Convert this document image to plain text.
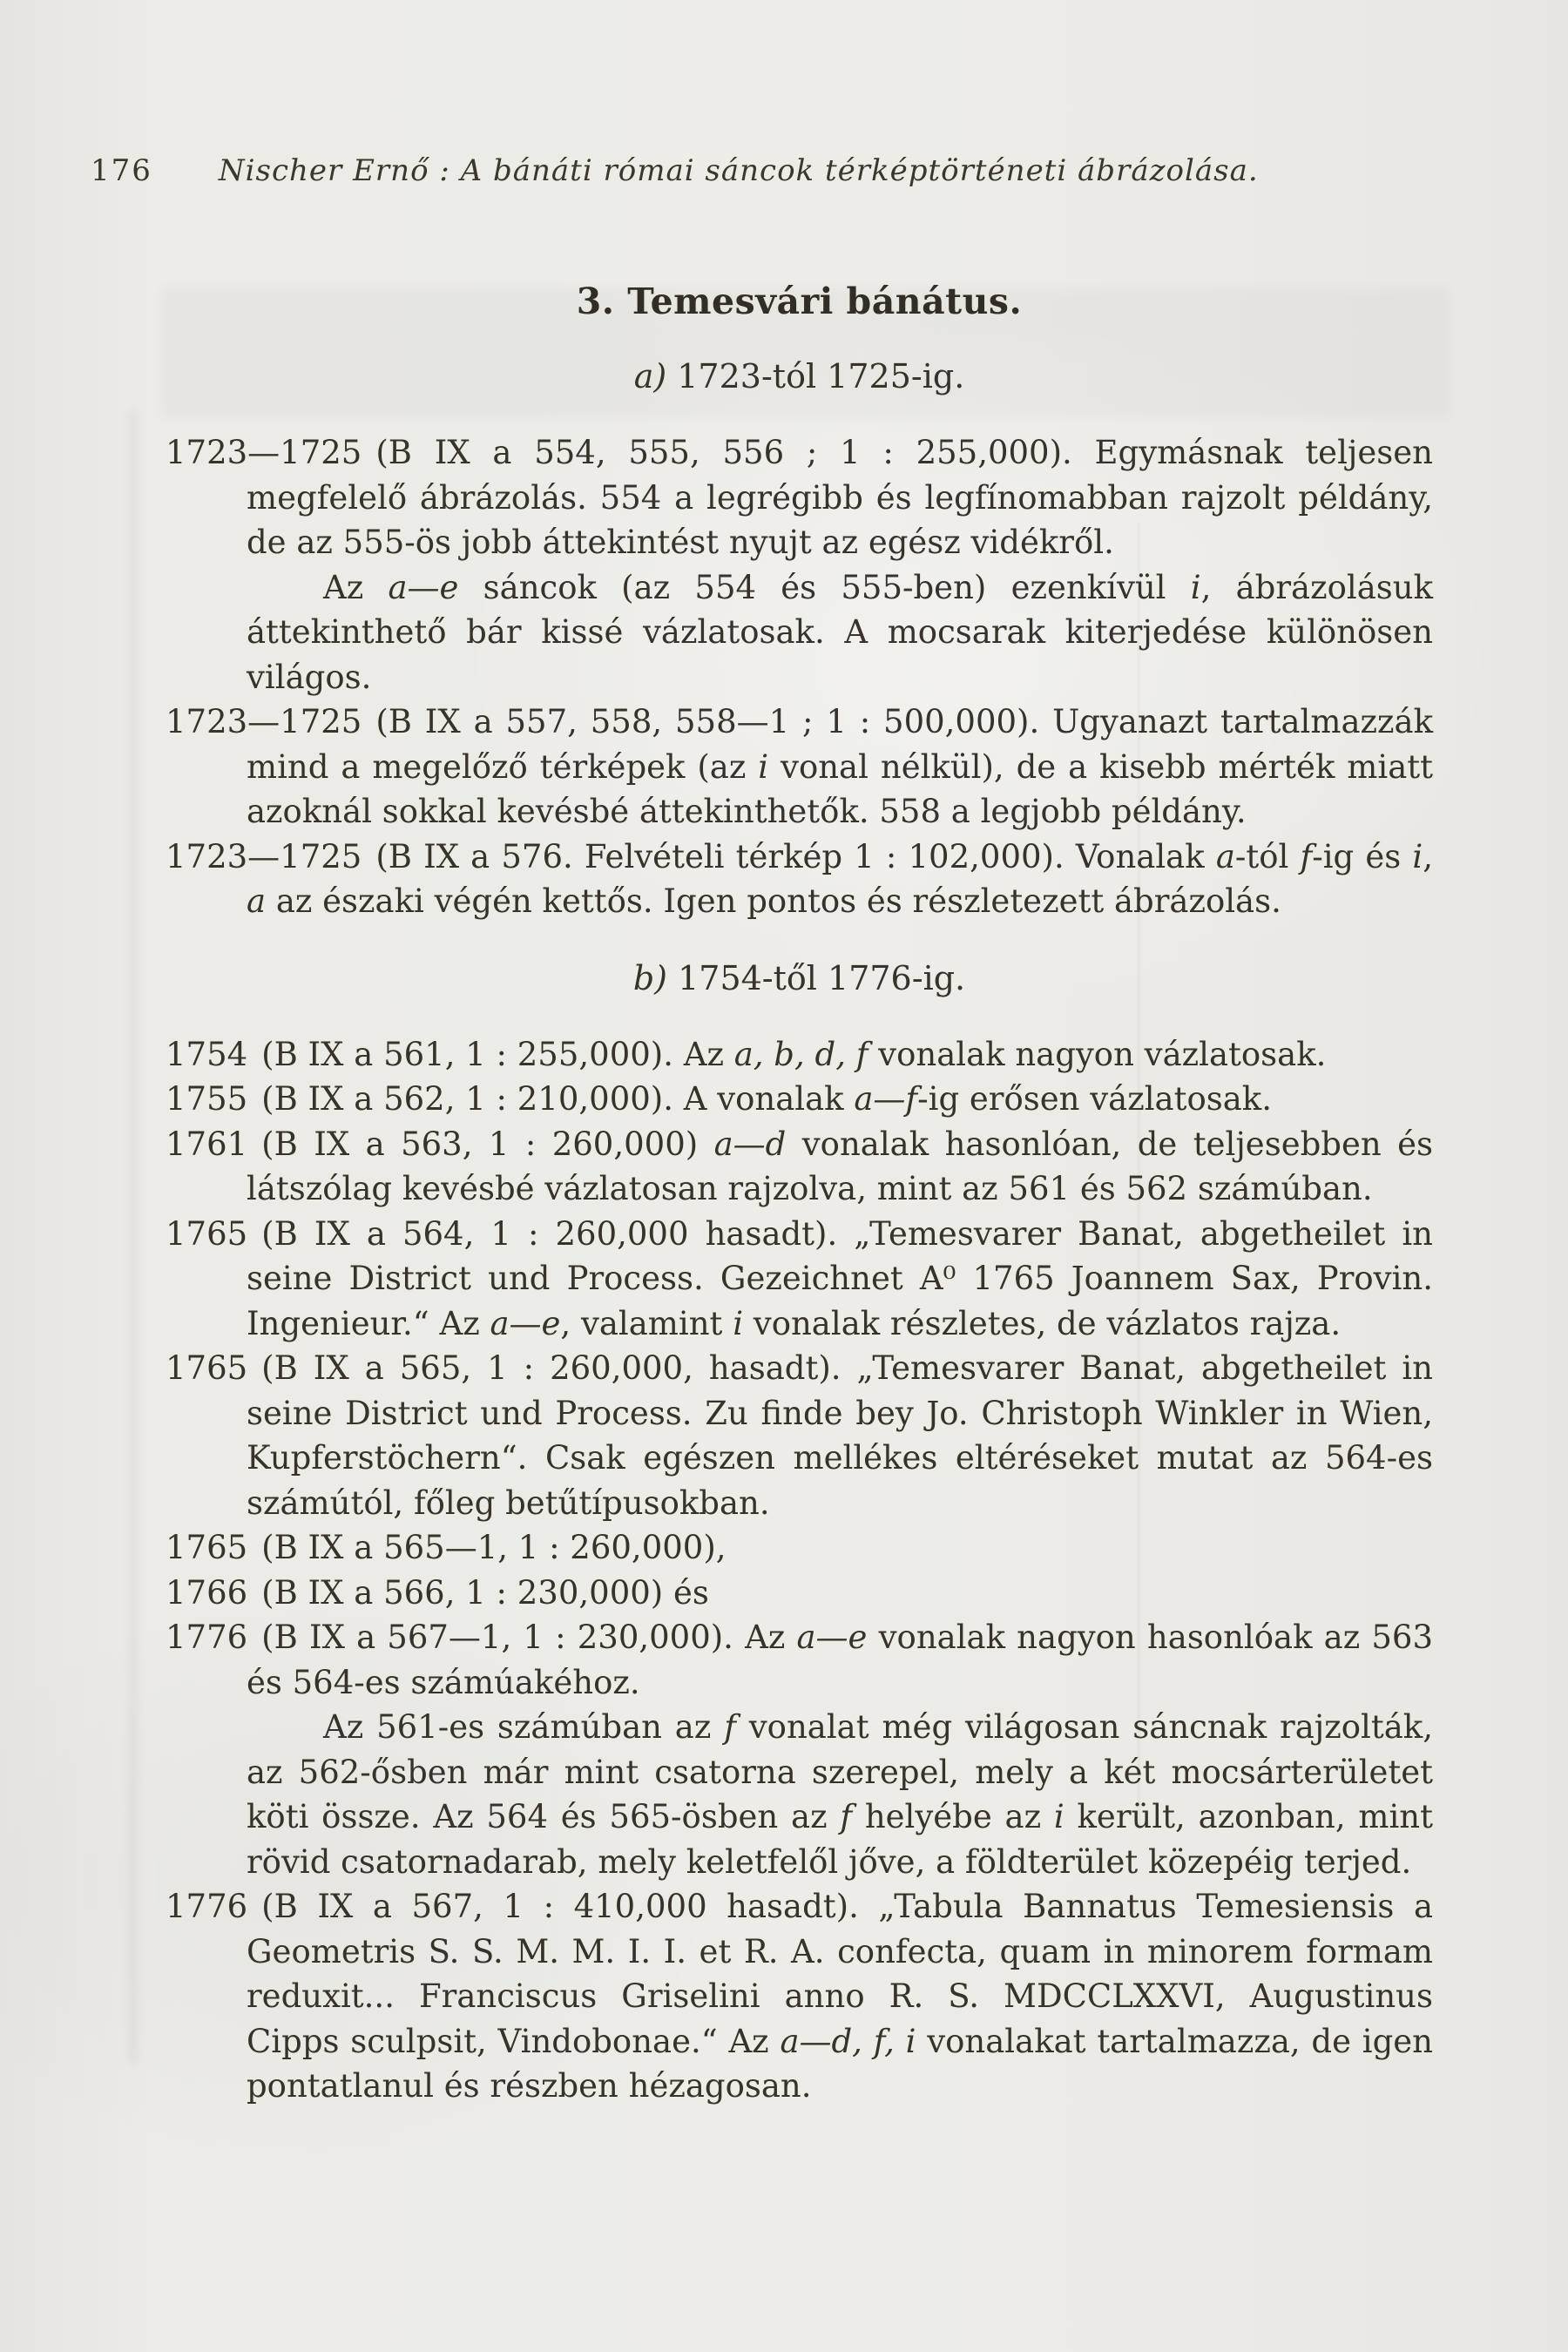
176 Nischer Ernő : A bánáti római sáncok térképtörténeti ábrázolása.
3. Temesvári bánátus.
a) 1723-tól 1725-ig.

1723—1725 (B IX a 554, 555, 556 ; 1 : 255,000). Egymásnak teljesen megfelelő ábrázolás. 554 a legrégibb és legfínomabban rajzolt példány, de az 555-ös jobb áttekintést nyujt az egész vidékről.

Az a—e sáncok (az 554 és 555-ben) ezenkívül i, ábrázolásuk áttekinthető bár kissé vázlatosak. A mocsarak kiterjedése különösen világos.

1723—1725 (B IX a 557, 558, 558—1 ; 1 : 500,000). Ugyanazt tartalmazzák mind a megelőző térképek (az i vonal nélkül), de a kisebb mérték miatt azoknál sokkal kevésbé áttekinthetők. 558 a legjobb példány.

1723—1725 (B IX a 576. Felvételi térkép 1 : 102,000). Vonalak a-tól f-ig és i, a az északi végén kettős. Igen pontos és részletezett ábrázolás.

b) 1754-től 1776-ig.

1754 (B IX a 561, 1 : 255,000). Az a, b, d, f vonalak nagyon vázlatosak.

1755 (B IX a 562, 1 : 210,000). A vonalak a—f-ig erősen vázlatosak.

1761 (B IX a 563, 1 : 260,000) a—d vonalak hasonlóan, de teljesebben és látszólag kevésbé vázlatosan rajzolva, mint az 561 és 562 számúban.

1765 (B IX a 564, 1 : 260,000 hasadt). „Temesvarer Banat, abgetheilet in seine District und Process. Gezeichnet A⁰ 1765 Joannem Sax, Provin. Ingenieur.“ Az a—e, valamint i vonalak részletes, de vázlatos rajza.

1765 (B IX a 565, 1 : 260,000, hasadt). „Temesvarer Banat, abgetheilet in seine District und Process. Zu finde bey Jo. Christoph Winkler in Wien, Kupferstöchern“. Csak egészen mellékes eltéréseket mutat az 564-es számútól, főleg betűtípusokban.

1765 (B IX a 565—1, 1 : 260,000),

1766 (B IX a 566, 1 : 230,000) és

1776 (B IX a 567—1, 1 : 230,000). Az a—e vonalak nagyon hasonlóak az 563 és 564-es számúakéhoz.

Az 561-es számúban az f vonalat még világosan sáncnak rajzolták, az 562-ősben már mint csatorna szerepel, mely a két mocsárterületet köti össze. Az 564 és 565-ösben az f helyébe az i került, azonban, mint rövid csatornadarab, mely keletfelől jőve, a földterület közepéig terjed.

1776 (B IX a 567, 1 : 410,000 hasadt). „Tabula Bannatus Temesiensis a Geometris S. S. M. M. I. I. et R. A. confecta, quam in minorem formam reduxit... Franciscus Griselini anno R. S. MDCCLXXVI, Augustinus Cipps sculpsit, Vindobonae.“ Az a—d, f, i vonalakat tartalmazza, de igen pontatlanul és részben hézagosan.
